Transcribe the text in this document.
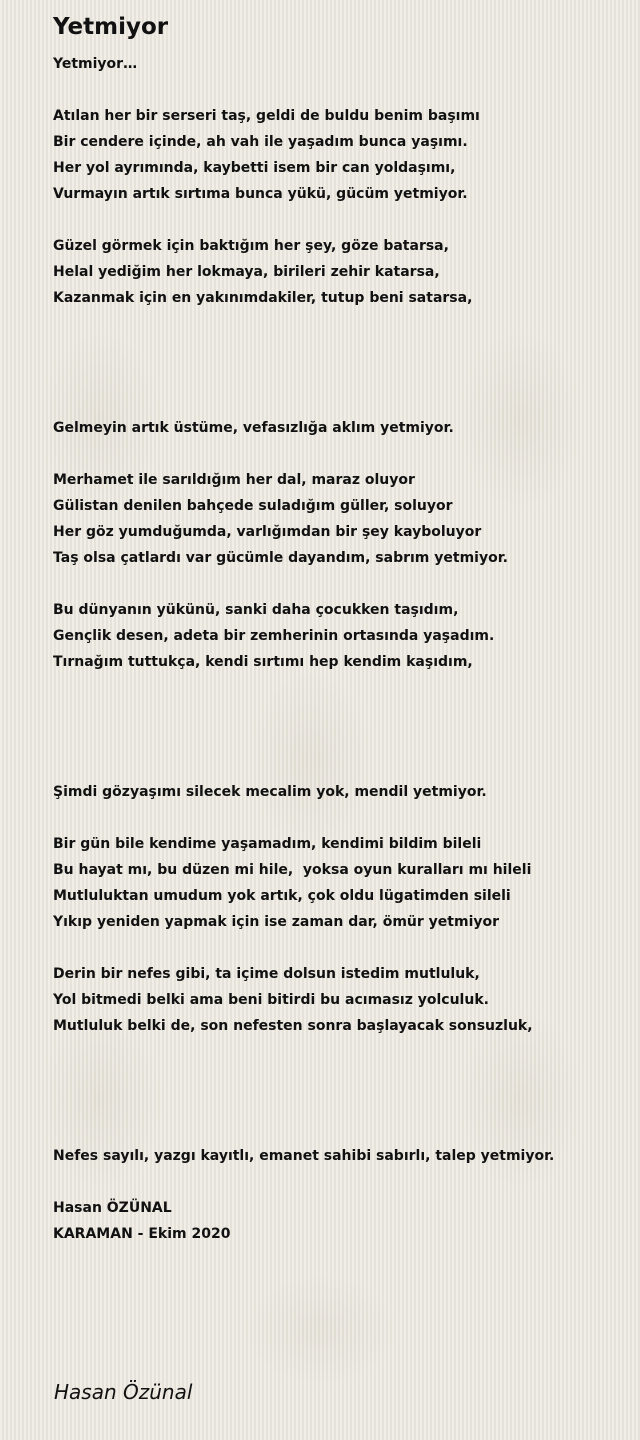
Yetmiyor
Yetmiyor…
Atılan her bir serseri taş, geldi de buldu benim başımı
Bir cendere içinde, ah vah ile yaşadım bunca yaşımı.
Her yol ayrımında, kaybetti isem bir can yoldaşımı,
Vurmayın artık sırtıma bunca yükü, gücüm yetmiyor.
Güzel görmek için baktığım her şey, göze batarsa,
Helal yediğim her lokmaya, birileri zehir katarsa,
Kazanmak için en yakınımdakiler, tutup beni satarsa,
Gelmeyin artık üstüme, vefasızlığa aklım yetmiyor.
Merhamet ile sarıldığım her dal, maraz oluyor
Gülistan denilen bahçede suladığım güller, soluyor
Her göz yumduğumda, varlığımdan bir şey kayboluyor
Taş olsa çatlardı var gücümle dayandım, sabrım yetmiyor.
Bu dünyanın yükünü, sanki daha çocukken taşıdım,
Gençlik desen, adeta bir zemherinin ortasında yaşadım.
Tırnağım tuttukça, kendi sırtımı hep kendim kaşıdım,
Şimdi gözyaşımı silecek mecalim yok, mendil yetmiyor.
Bir gün bile kendime yaşamadım, kendimi bildim bileli
Bu hayat mı, bu düzen mi hile,  yoksa oyun kuralları mı hileli
Mutluluktan umudum yok artık, çok oldu lügatimden sileli
Yıkıp yeniden yapmak için ise zaman dar, ömür yetmiyor
Derin bir nefes gibi, ta içime dolsun istedim mutluluk,
Yol bitmedi belki ama beni bitirdi bu acımasız yolculuk.
Mutluluk belki de, son nefesten sonra başlayacak sonsuzluk,
Nefes sayılı, yazgı kayıtlı, emanet sahibi sabırlı, talep yetmiyor.
Hasan ÖZÜNAL
KARAMAN - Ekim 2020
Hasan Özünal
